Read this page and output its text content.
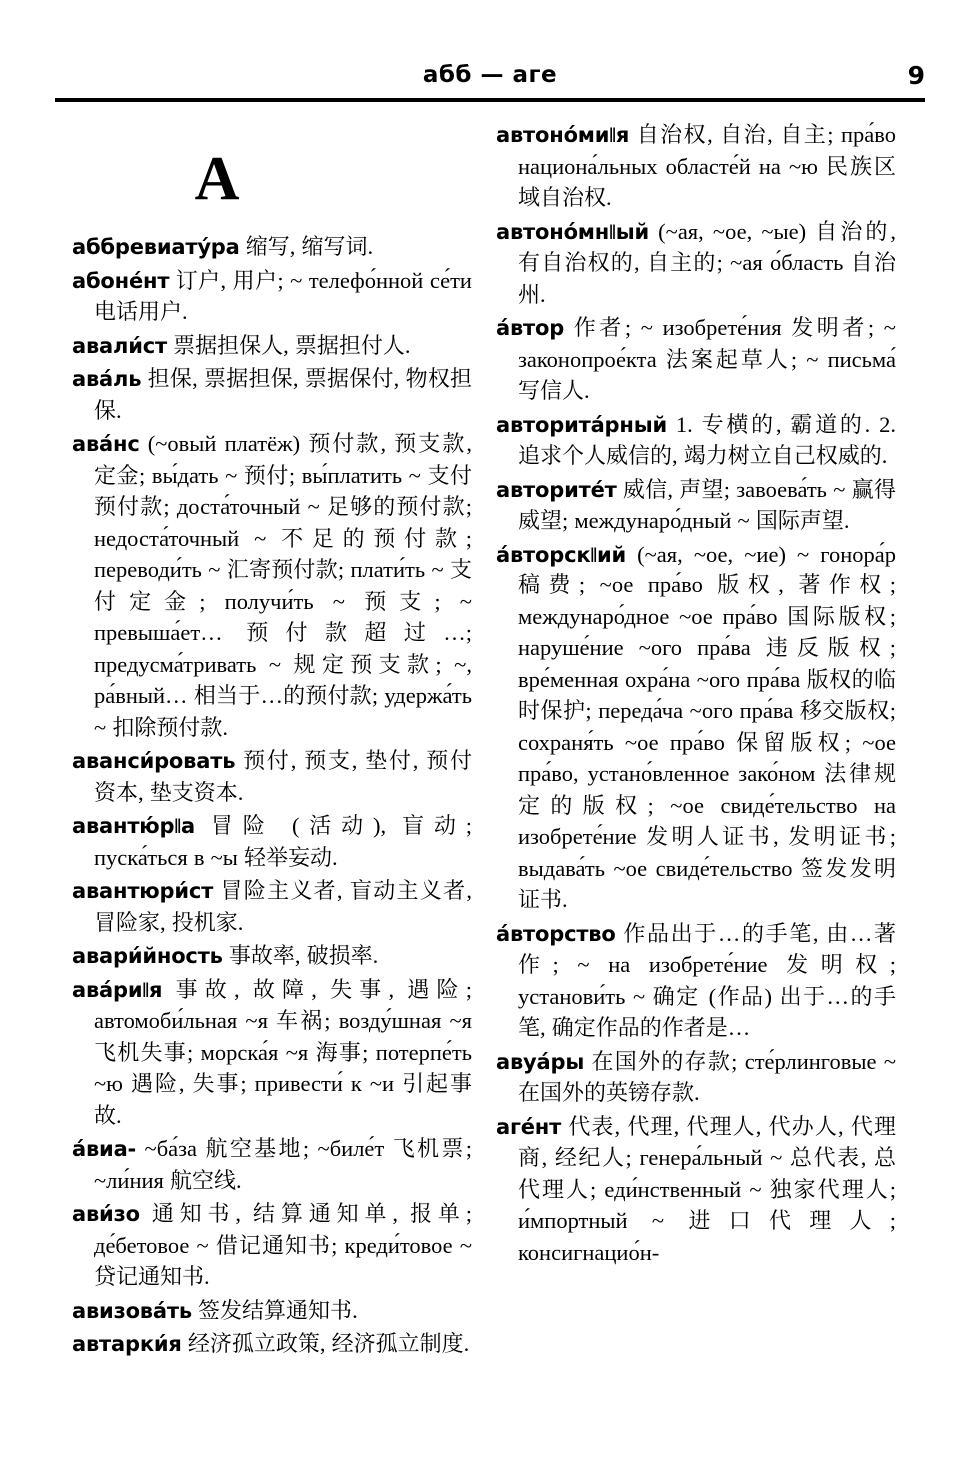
абб — аге	9
А

аббревиату́ра 缩写, 缩写词.

абоне́нт 订户, 用户; ~ телефо́нной се́ти 电话用户.

авали́ст 票据担保人, 票据担付人.

ава́ль 担保, 票据担保, 票据保付, 物权担保.

ава́нс (~овый платёж) 预付款, 预支款, 定金; вы́дать ~ 预付; вы́платить ~ 支付预付款; доста́точный ~ 足够的预付款; недоста́точный ~ 不足的预付款; переводи́ть ~ 汇寄预付款; плати́ть ~ 支付定金; получи́ть ~ 预支; ~ превыша́ет… 预付款超过…; предусма́тривать ~ 规定预支款; ~, ра́вный… 相当于…的预付款; удержа́ть ~ 扣除预付款.

аванси́ровать 预付, 预支, 垫付, 预付资本, 垫支资本.

авантю́р‖а 冒险 (活动), 盲动; пуска́ться в ~ы 轻举妄动.

авантюри́ст 冒险主义者, 盲动主义者, 冒险家, 投机家.

авари́йность 事故率, 破损率.

ава́ри‖я 事故, 故障, 失事, 遇险; автомоби́льная ~я 车祸; возду́шная ~я 飞机失事; морска́я ~я 海事; потерпе́ть ~ю 遇险, 失事; привести́ к ~и 引起事故.

а́виа- ~ба́за 航空基地; ~биле́т 飞机票; ~ли́ния 航空线.

ави́зо 通知书, 结算通知单, 报单; де́бетовое ~ 借记通知书; креди́товое ~ 贷记通知书.

авизова́ть 签发结算通知书.

автарки́я 经济孤立政策, 经济孤立制度.

автоно́ми‖я 自治权, 自治, 自主; пра́во национа́льных областе́й на ~ю 民族区域自治权.

автоно́мн‖ый (~ая, ~ое, ~ые) 自治的, 有自治权的, 自主的; ~ая о́бласть 自治州.

а́втор 作者; ~ изобрете́ния 发明者; ~ законопрое́кта 法案起草人; ~ письма́ 写信人.

авторита́рный 1. 专横的, 霸道的. 2. 追求个人威信的, 竭力树立自己权威的.

авторите́т 威信, 声望; завоева́ть ~ 赢得威望; междунаро́дный ~ 国际声望.

а́вторск‖ий (~ая, ~ое, ~ие) ~ гонора́р 稿费; ~ое пра́во 版权, 著作权; междунаро́дное ~ое пра́во 国际版权; наруше́ние ~ого пра́ва 违反版权; вре́менная охра́на ~ого пра́ва 版权的临时保护; переда́ча ~ого пра́ва 移交版权; сохраня́ть ~ое пра́во 保留版权; ~ое пра́во, устано́вленное зако́ном 法律规定的版权; ~ое свиде́тельство на изобрете́ние 发明人证书, 发明证书; выдава́ть ~ое свиде́тельство 签发发明证书.

а́вторство 作品出于…的手笔, 由…著作; ~ на изобрете́ние 发明权; установи́ть ~ 确定 (作品) 出于…的手笔, 确定作品的作者是…

авуа́ры 在国外的存款; сте́рлинговые ~ 在国外的英镑存款.

аге́нт 代表, 代理, 代理人, 代办人, 代理商, 经纪人; генера́льный ~ 总代表, 总代理人; еди́нственный ~ 独家代理人; и́мпортный ~ 进口代理人; консигнацио́н-
